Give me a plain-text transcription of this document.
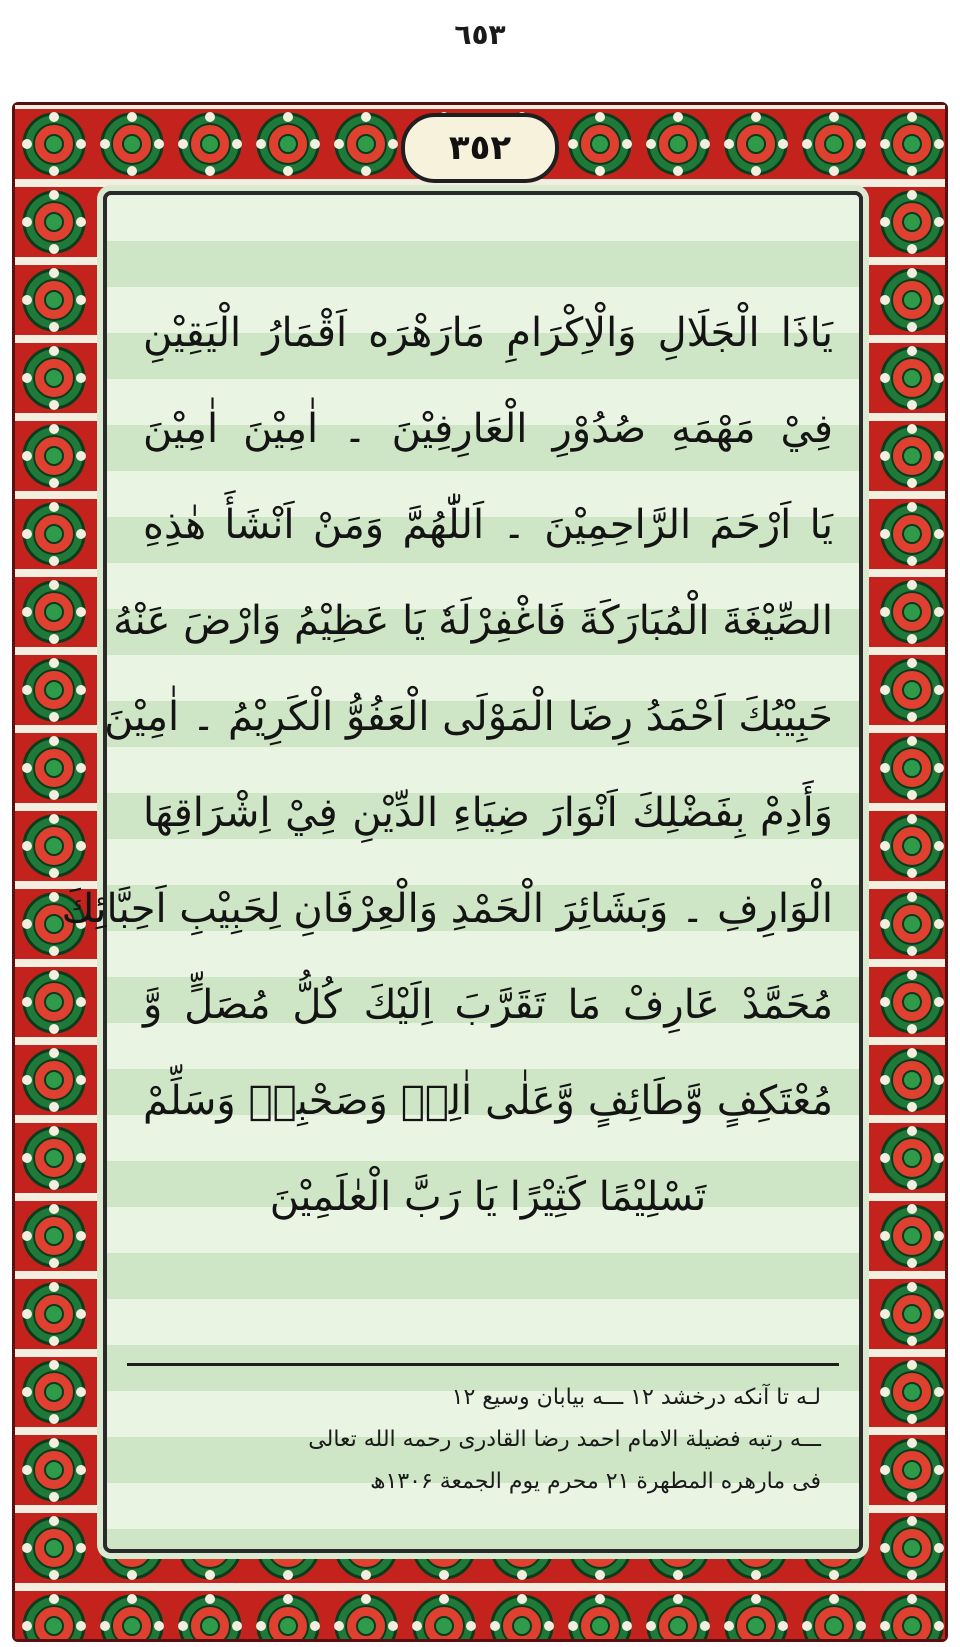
٦٥٣
٣٥٢
يَاذَا الْجَلَالِ وَالْاِكْرَامِ مَارَهْرَه اَقْمَارُ الْيَقِيْنِ
فِيْ مَهْمَهِ صُدُوْرِ الْعَارِفِيْنَ ۔ اٰمِيْنَ اٰمِيْنَ
يَا اَرْحَمَ الرَّاحِمِيْنَ ۔ اَللّٰهُمَّ وَمَنْ اَنْشَأَ هٰذِهِ
الصِّيْغَةَ الْمُبَارَكَةَ فَاغْفِرْلَهٗ يَا عَظِيْمُ وَارْضَ عَنْهُ
حَبِيْبُكَ اَحْمَدُ رِضَا الْمَوْلَى الْعَفُوُّ الْكَرِيْمُ ۔ اٰمِيْنَ
وَأَدِمْ بِفَضْلِكَ اَنْوَارَ ضِيَاءِ الدِّيْنِ فِيْ اِشْرَاقِهَا
الْوَارِفِ ۔ وَبَشَائِرَ الْحَمْدِ وَالْعِرْفَانِ لِحَبِيْبِ اَحِبَّائِكَ
مُحَمَّدْ عَارِفْ مَا تَقَرَّبَ اِلَيْكَ كُلُّ مُصَلٍّ وَّ
مُعْتَكِفٍ وَّطَائِفٍ وَّعَلٰى اٰلِهٖ وَصَحْبِهٖ وَسَلِّمْ
تَسْلِيْمًا كَثِيْرًا يَا رَبَّ الْعٰلَمِيْنَ
لـه تا آنکه درخشد ۱۲ ـــه بیابان وسیع ۱۲
ـــه رتبه فضیلة الامام احمد رضا القادری رحمه الله تعالی
فی مارهره المطهرة ۲۱ محرم یوم الجمعة ۱۳۰۶ھ
